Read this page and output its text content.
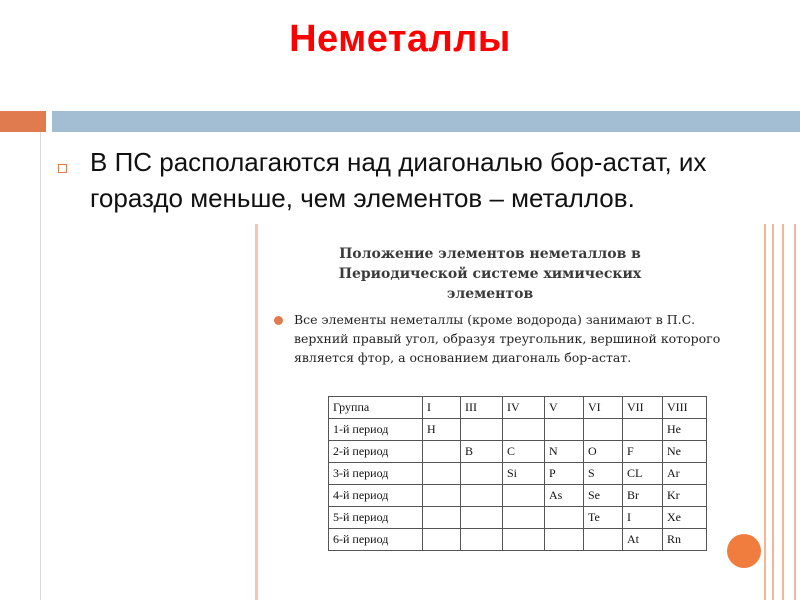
Неметаллы
В ПС располагаются над диагональю бор-астат, их гораздо меньше, чем элементов – металлов.
Положение элементов неметаллов в
Периодической системе химических
элементов
Все элементы неметаллы (кроме водорода) занимают в П.С. верхний правый угол, образуя треугольник, вершиной которого является фтор, а основанием диагональ бор-астат.
Группа	I	III	IV	V	VI	VII	VIII
1-й период	H						He
2-й период		B	C	N	O	F	Ne
3-й период			Si	P	S	CL	Ar
4-й период				As	Se	Br	Kr
5-й период					Te	I	Xe
6-й период						At	Rn
